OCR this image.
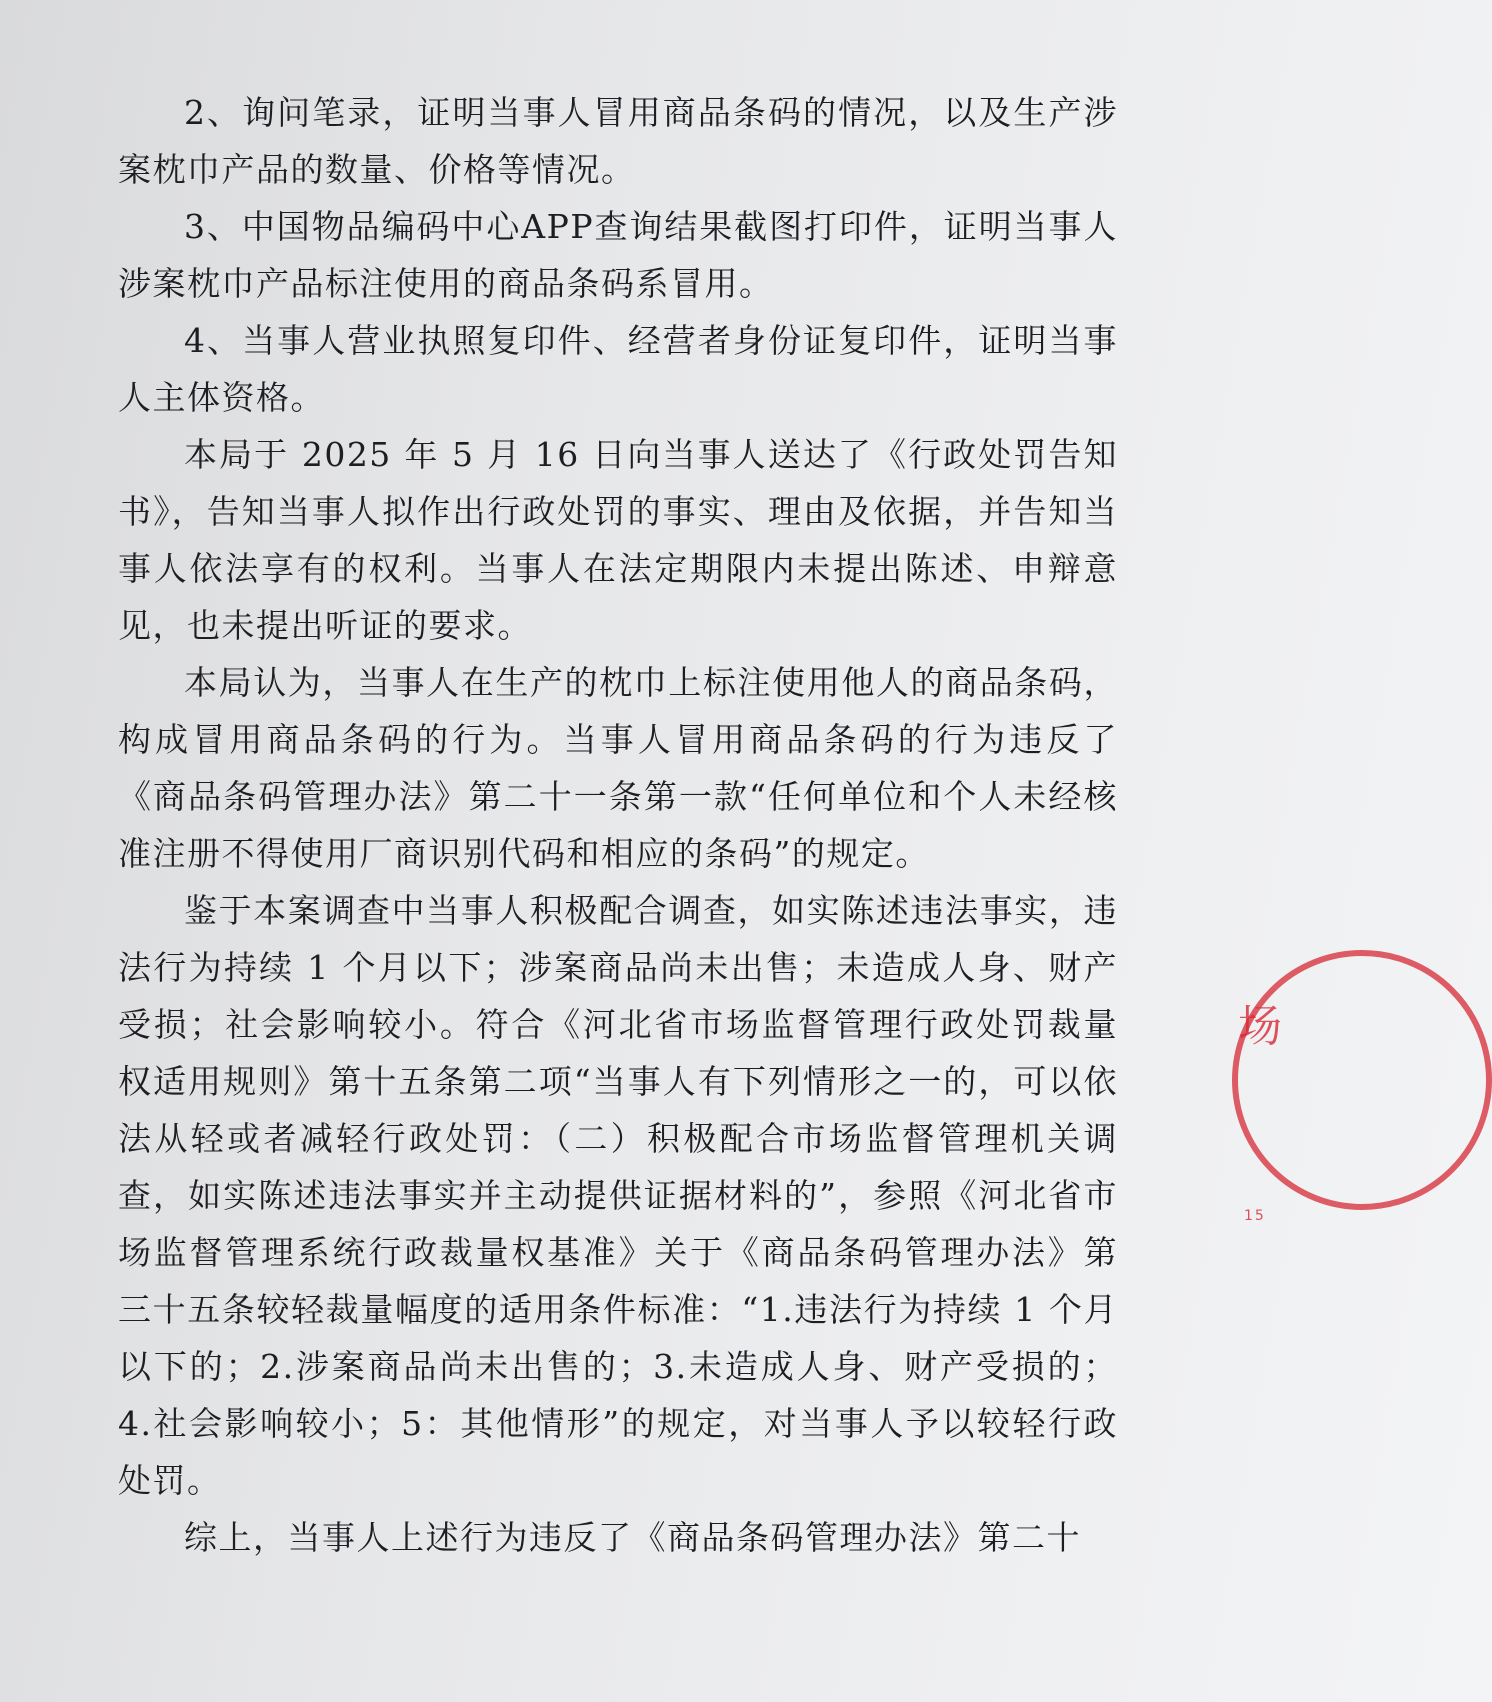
2、询问笔录，证明当事人冒用商品条码的情况，以及生产涉案枕巾产品的数量、价格等情况。

3、中国物品编码中心APP查询结果截图打印件，证明当事人涉案枕巾产品标注使用的商品条码系冒用。

4、当事人营业执照复印件、经营者身份证复印件，证明当事人主体资格。

本局于 2025 年 5 月 16 日向当事人送达了《行政处罚告知书》，告知当事人拟作出行政处罚的事实、理由及依据，并告知当事人依法享有的权利。当事人在法定期限内未提出陈述、申辩意见，也未提出听证的要求。

本局认为，当事人在生产的枕巾上标注使用他人的商品条码，构成冒用商品条码的行为。当事人冒用商品条码的行为违反了《商品条码管理办法》第二十一条第一款“任何单位和个人未经核准注册不得使用厂商识别代码和相应的条码”的规定。

鉴于本案调查中当事人积极配合调查，如实陈述违法事实，违法行为持续 1 个月以下；涉案商品尚未出售；未造成人身、财产受损；社会影响较小。符合《河北省市场监督管理行政处罚裁量权适用规则》第十五条第二项“当事人有下列情形之一的，可以依法从轻或者减轻行政处罚：（二）积极配合市场监督管理机关调查，如实陈述违法事实并主动提供证据材料的”，参照《河北省市场监督管理系统行政裁量权基准》关于《商品条码管理办法》第三十五条较轻裁量幅度的适用条件标准：“1.违法行为持续 1 个月以下的；2.涉案商品尚未出售的；3.未造成人身、财产受损的；4.社会影响较小；5：其他情形”的规定，对当事人予以较轻行政处罚。

综上，当事人上述行为违反了《商品条码管理办法》第二十

场
15
